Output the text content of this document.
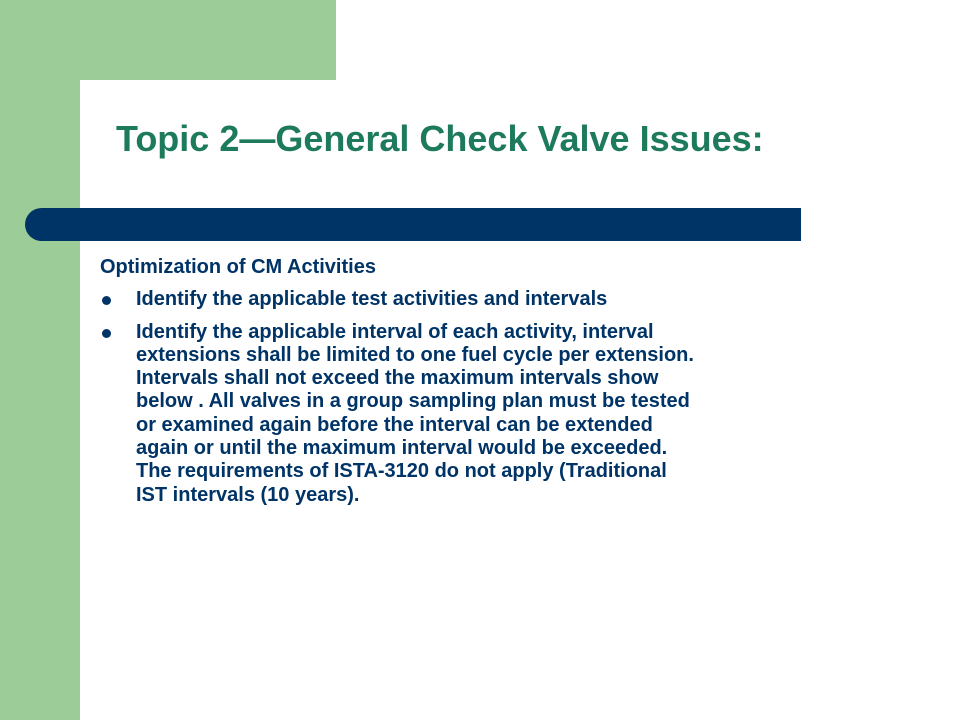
Topic 2—General Check Valve Issues:

Optimization of CM Activities

Identify the applicable test activities and intervals
Identify the applicable interval of each activity, interval
extensions shall be limited to one fuel cycle per extension.
Intervals shall not exceed the maximum intervals show
below . All valves in a group sampling plan must be tested
or examined again before the interval can be extended
again or until the maximum interval would be exceeded.
The requirements of ISTA-3120 do not apply (Traditional
IST intervals (10 years).
